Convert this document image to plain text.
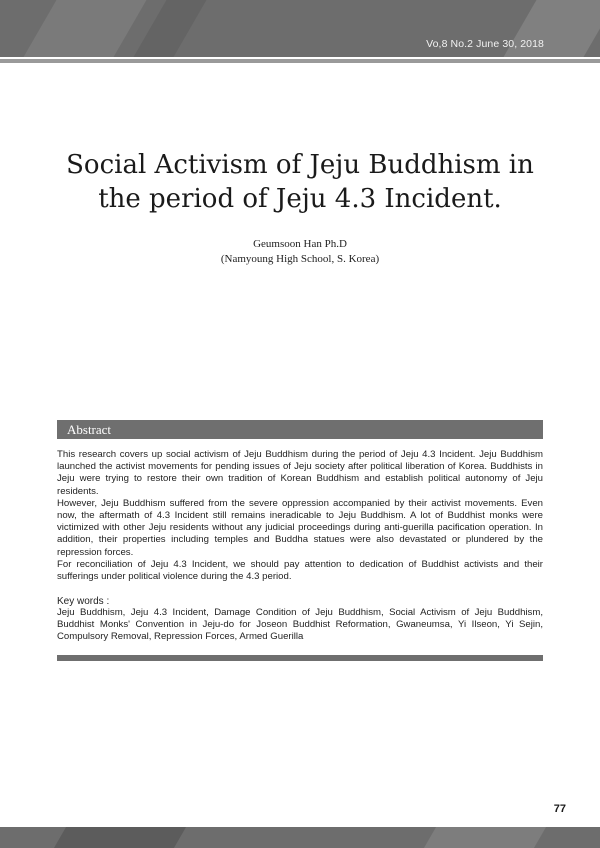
Vo,8 No.2 June 30, 2018
Social Activism of Jeju Buddhism in
the period of Jeju 4.3 Incident.
Geumsoon Han Ph.D
(Namyoung High School, S. Korea)
Abstract

This research covers up social activism of Jeju Buddhism during the period of Jeju 4.3 Incident. Jeju Buddhism launched the activist movements for pending issues of Jeju society after political liberation of Korea. Buddhists in Jeju were trying to restore their own tradition of Korean Buddhism and establish political autonomy of Jeju residents.

However, Jeju Buddhism suffered from the severe oppression accompanied by their activist movements. Even now, the aftermath of 4.3 Incident still remains ineradicable to Jeju Buddhism. A lot of Buddhist monks were victimized with other Jeju residents without any judicial proceedings during anti-guerilla pacification operation. In addition, their properties including temples and Buddha statues were also devastated or plundered by the repression forces.

For reconciliation of Jeju 4.3 Incident, we should pay attention to dedication of Buddhist activists and their sufferings under political violence during the 4.3 period.

Key words :
Jeju Buddhism, Jeju 4.3 Incident, Damage Condition of Jeju Buddhism, Social Activism of Jeju Buddhism, Buddhist Monks' Convention in Jeju-do for Joseon Buddhist Reformation, Gwaneumsa, Yi Ilseon, Yi Sejin, Compulsory Removal, Repression Forces, Armed Guerilla
77
